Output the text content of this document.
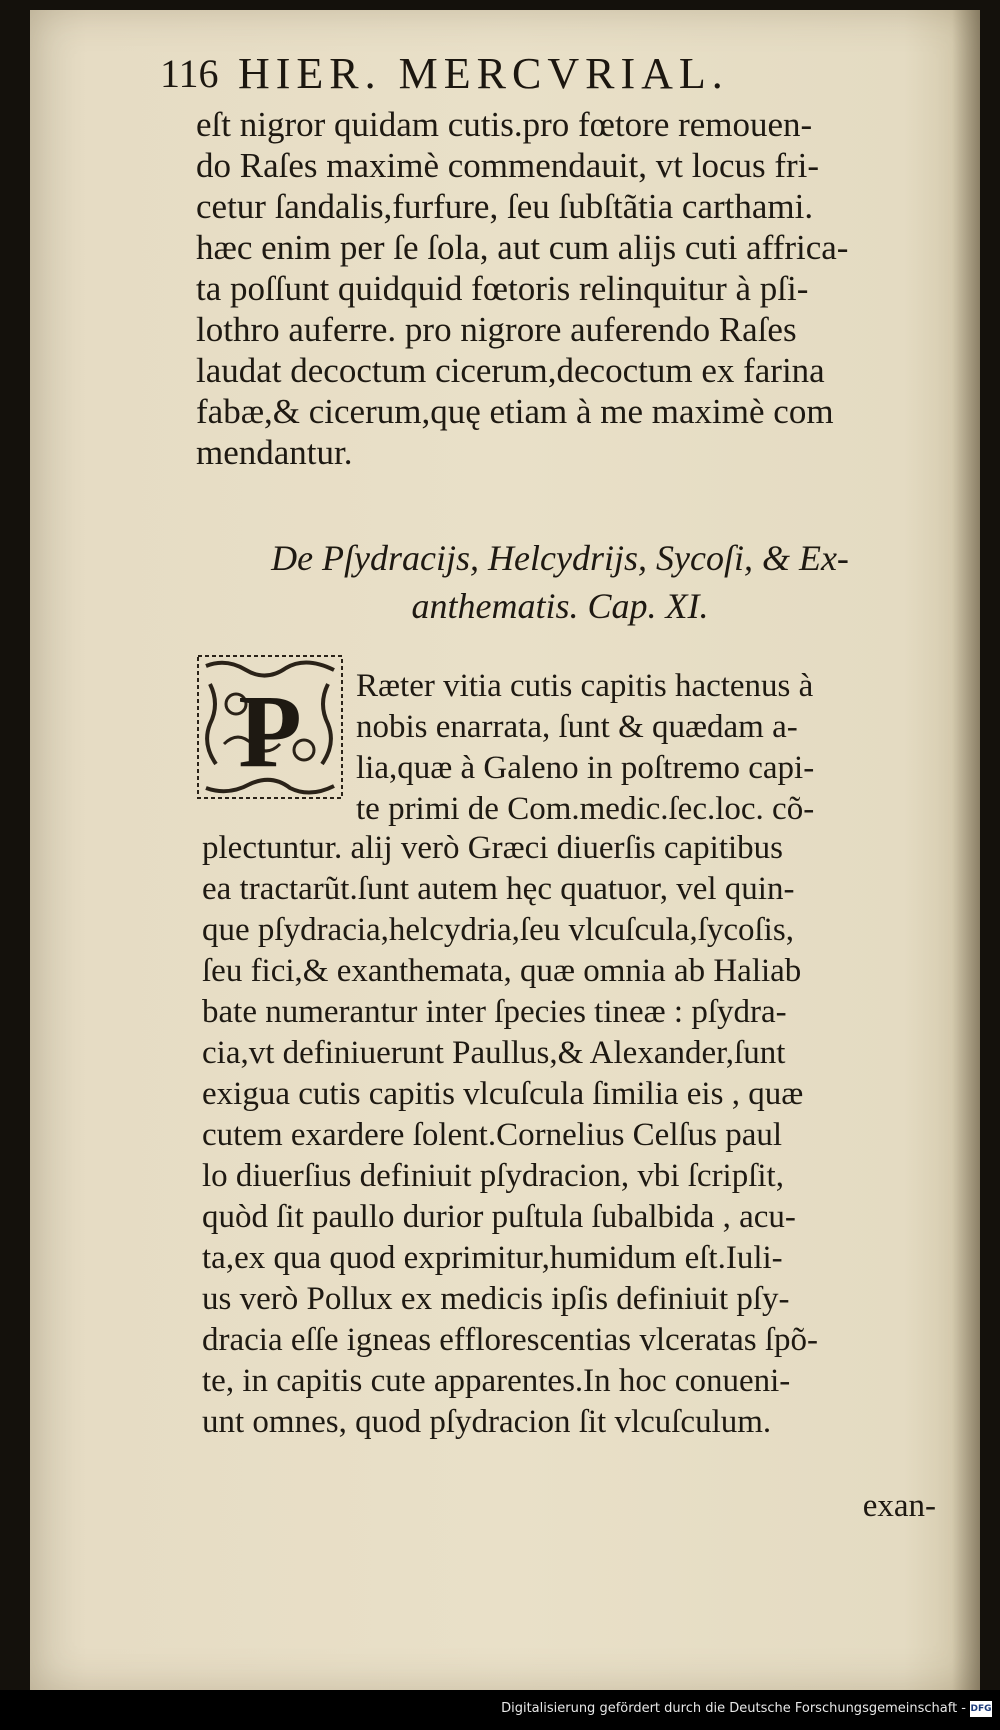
116 HIER. MERCVRIAL.
eſt nigror quidam cutis.pro fœtore remouen-
do Raſes maximè commendauit, vt locus fri-
cetur ſandalis,furfure, ſeu ſubſtãtia carthami.
hæc enim per ſe ſola, aut cum alijs cuti affrica-
ta poſſunt quidquid fœtoris relinquitur à pſi-
lothro auferre. pro nigrore auferendo Raſes
laudat decoctum cicerum,decoctum ex farina
fabæ,& cicerum,quę etiam à me maximè com
mendantur.
De Pſydracijs, Helcydrijs, Sycoſi, & Ex-
anthematis. Cap. XI.
P Ræter vitia cutis capitis hactenus à
nobis enarrata, ſunt & quædam a-
lia,quæ à Galeno in poſtremo capi-
te primi de Com.medic.ſec.loc. cõ-
plectuntur. alij verò Græci diuerſis capitibus
ea tractarũt.ſunt autem hęc quatuor, vel quin-
que pſydracia,helcydria,ſeu vlcuſcula,ſycoſis,
ſeu fici,& exanthemata, quæ omnia ab Haliab
bate numerantur inter ſpecies tineæ : pſydra-
cia,vt definiuerunt Paullus,& Alexander,ſunt
exigua cutis capitis vlcuſcula ſimilia eis , quæ
cutem exardere ſolent.Cornelius Celſus paul
lo diuerſius definiuit pſydracion, vbi ſcripſit,
quòd ſit paullo durior puſtula ſubalbida , acu-
ta,ex qua quod exprimitur,humidum eſt.Iuli-
us verò Pollux ex medicis ipſis definiuit pſy-
dracia eſſe igneas efflorescentias vlceratas ſpõ-
te, in capitis cute apparentes.In hoc conueni-
unt omnes, quod pſydracion ſit vlcuſculum.
exan-
Digitalisierung gefördert durch die Deutsche Forschungsgemeinschaft - DFG
